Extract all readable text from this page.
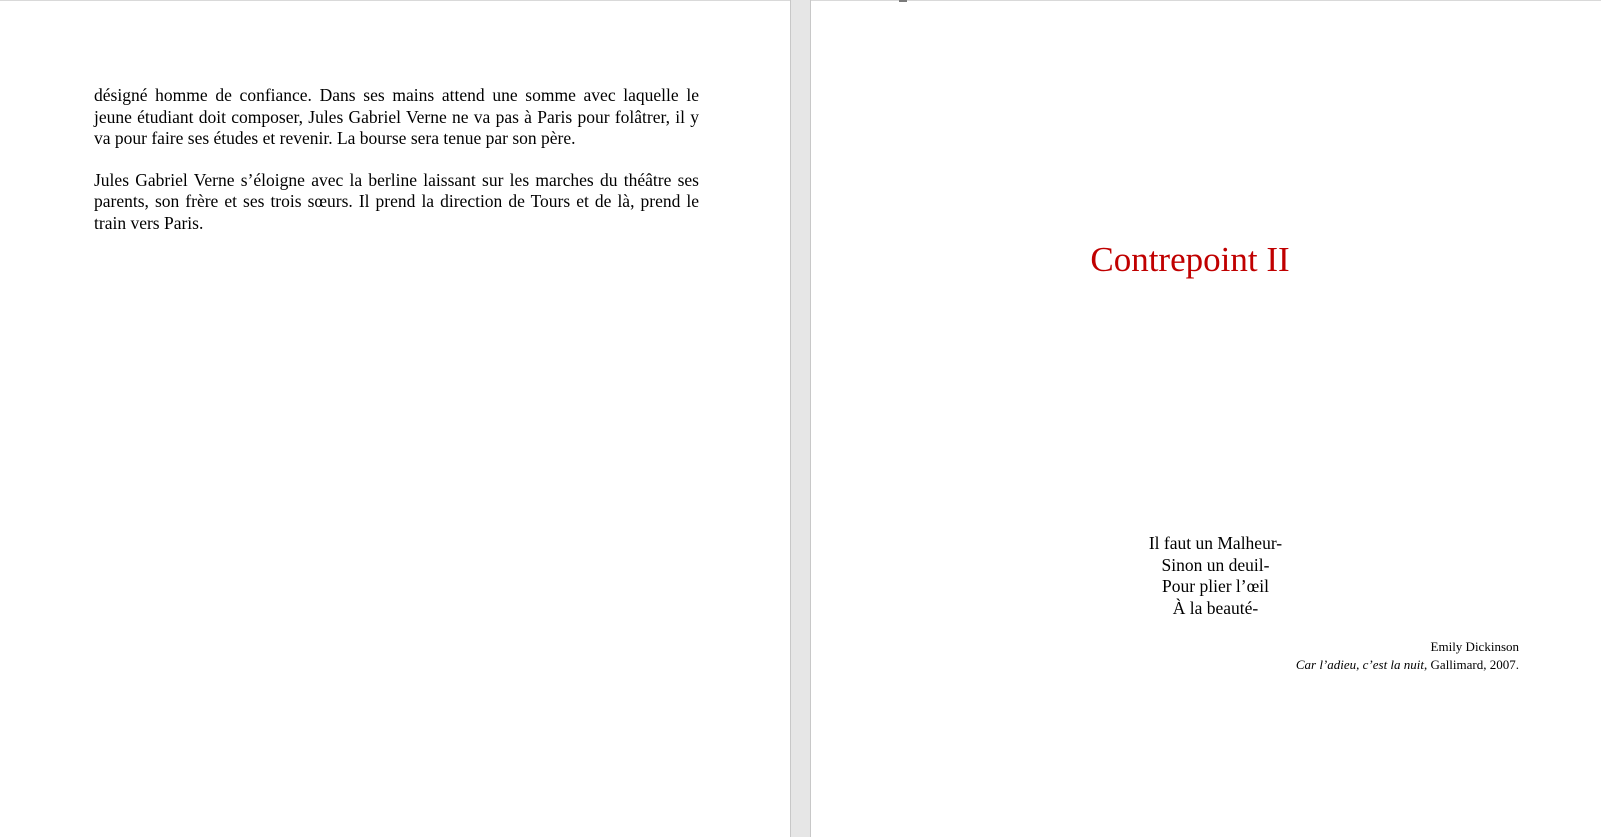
désigné homme de confiance. Dans ses mains attend une somme avec laquelle le jeune étudiant doit composer, Jules Gabriel Verne ne va pas à Paris pour folâtrer, il y va pour faire ses études et revenir. La bourse sera tenue par son père.

Jules Gabriel Verne s’éloigne avec la berline laissant sur les marches du théâtre ses parents, son frère et ses trois sœurs. Il prend la direction de Tours et de là, prend le train vers Paris.

Contrepoint II
Il faut un Malheur-
Sinon un deuil-
Pour plier l’œil
À la beauté-
Emily Dickinson
Car l’adieu, c’est la nuit, Gallimard, 2007.
